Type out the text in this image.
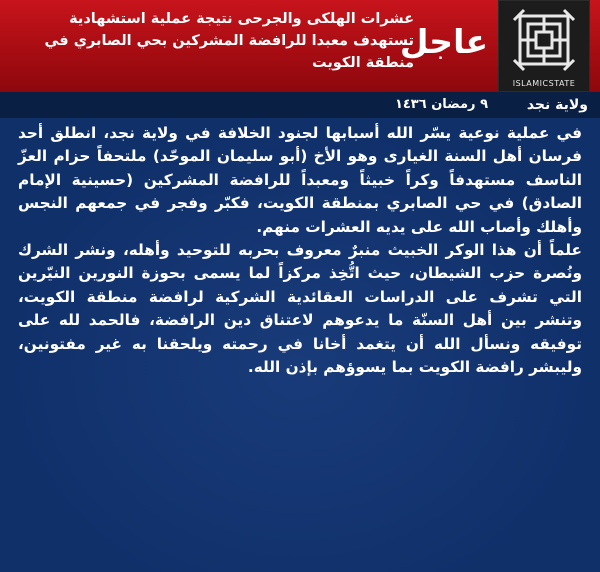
ISLAMICSTATE
عاجل
عشرات الهلكى والجرحى نتيجة عملية استشهادية تستهدف معبدا للرافضة المشركين بحي الصابري في منطقة الكويت
ولاية نجد
٩ رمضان ١٤٣٦

في عملية نوعية يسّر الله أسبابها لجنود الخلافة في ولاية نجد، انطلق أحد فرسان أهل السنة الغيارى وهو الأخ (أبو سليمان الموحّد) ملتحفاً حزام العزّ الناسف مستهدفاً وكراً خبيثاً ومعبداً للرافضة المشركين (حسينية الإمام الصادق) في حي الصابري بمنطقة الكويت، فكبّر وفجر في جمعهم النجس وأهلك وأصاب الله على يديه العشرات منهم.

علماً أن هذا الوكر الخبيث منبرٌ معروف بحربه للتوحيد وأهله، ونشر الشرك ونُصرة حزب الشيطان، حيث اتُّخِذ مركزاً لما يسمى بحوزة النورين النيّرين التي تشرف على الدراسات العقائدية الشركية لرافضة منطقة الكويت، وتنشر بين أهل السنّة ما يدعوهم لاعتناق دين الرافضة، فالحمد لله على توفيقه ونسأل الله أن يتغمد أخانا في رحمته ويلحقنا به غير مفتونين، وليبشر رافضة الكويت بما يسوؤهم بإذن الله.
